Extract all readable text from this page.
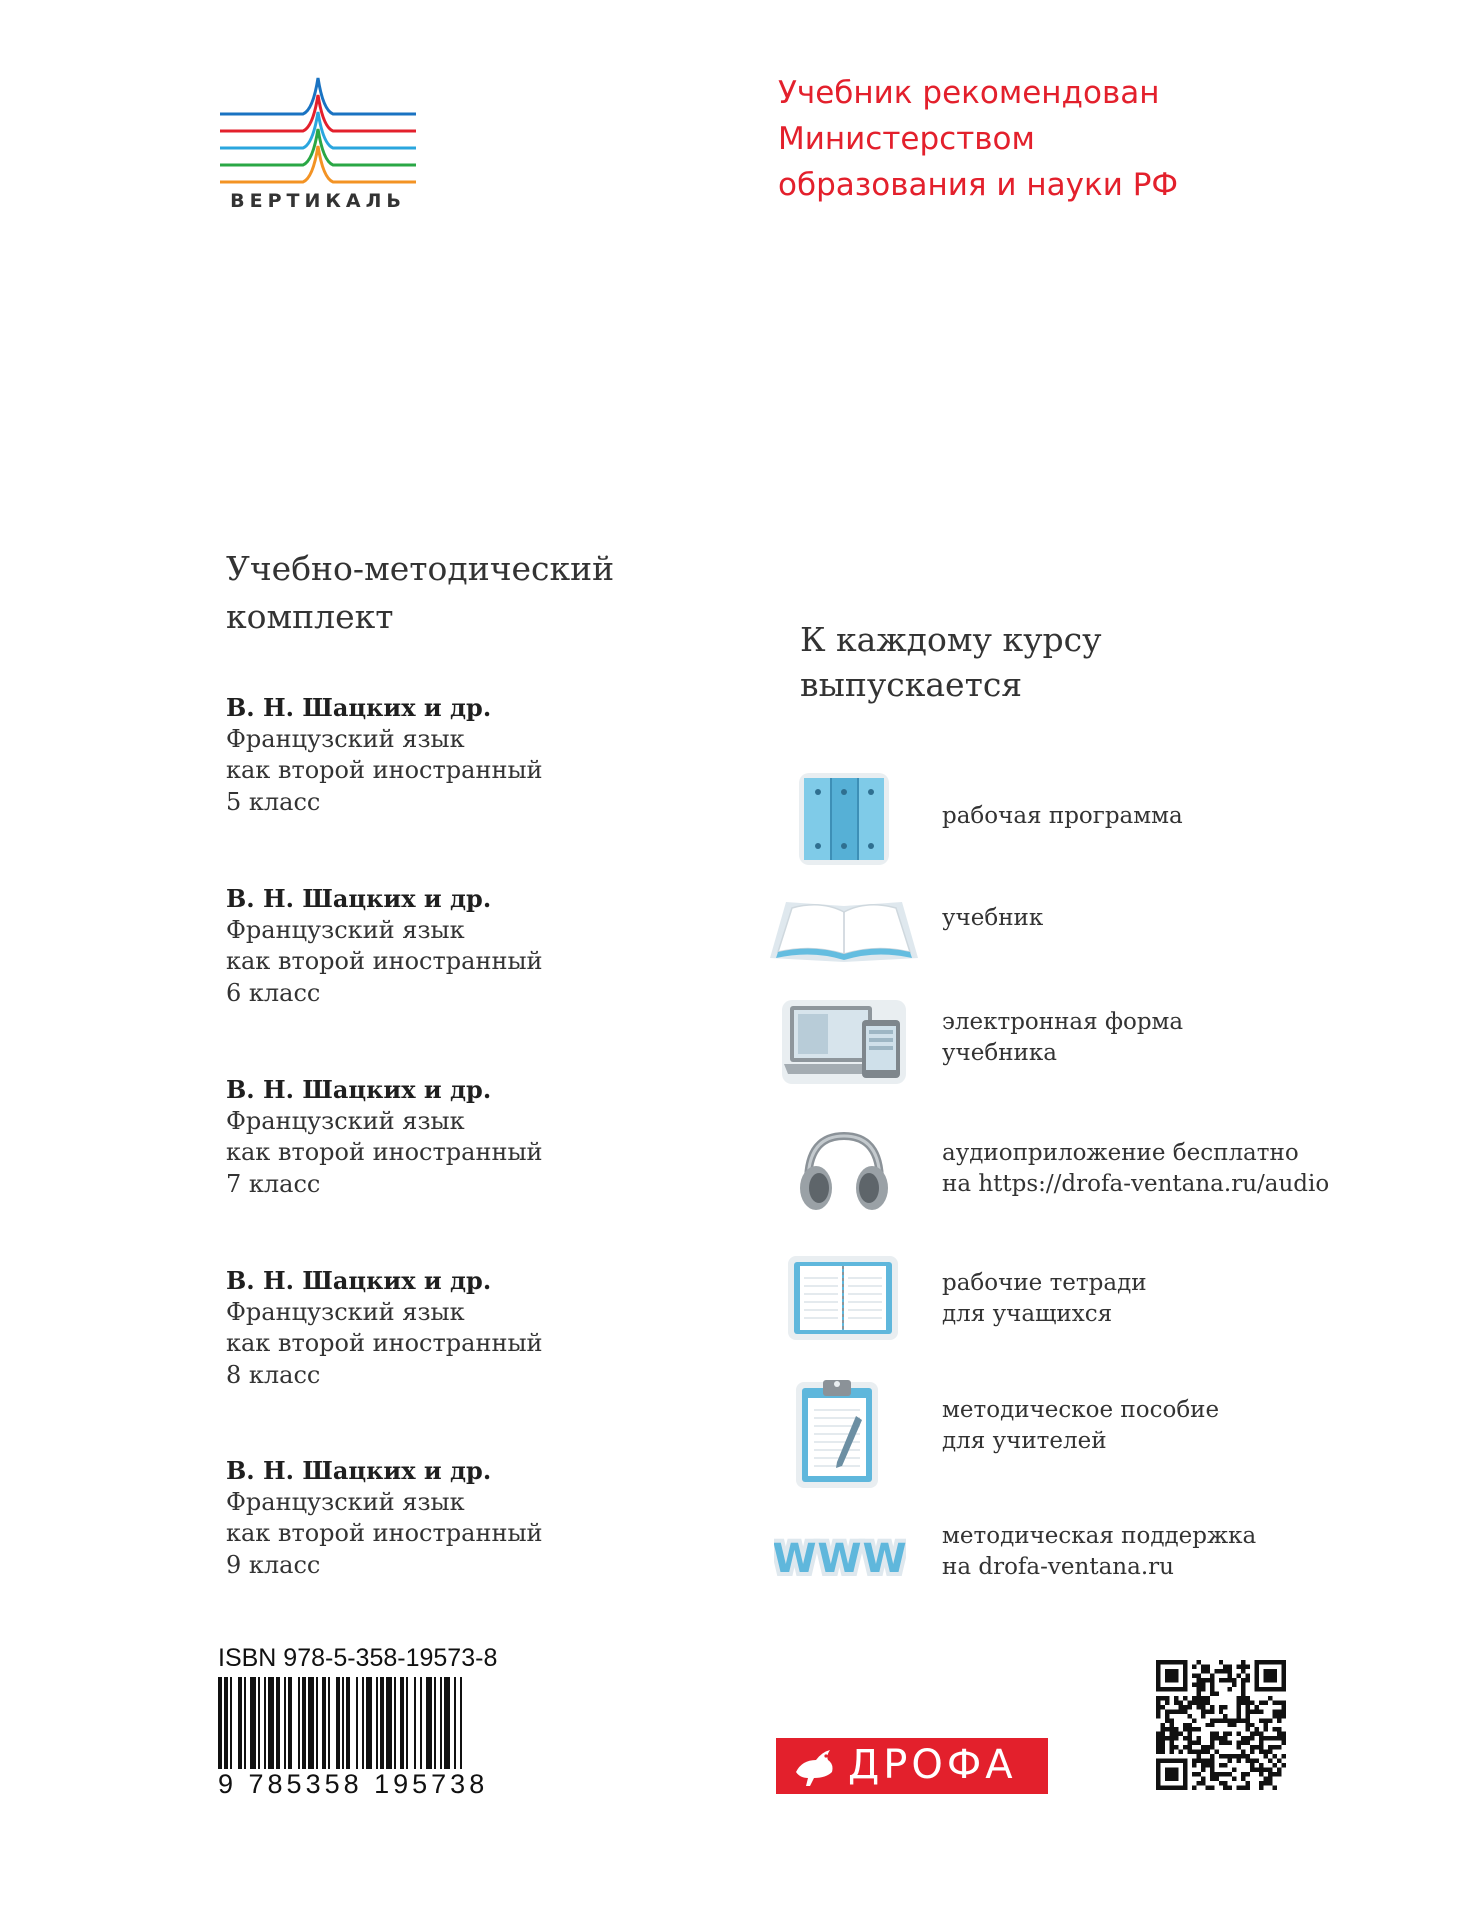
ВЕРТИКАЛЬ
Учебник рекомендован
Министерством
образования и науки РФ
Учебно-методический
комплект
В. Н. Шацких и др.
Французский язык
как второй иностранный
5 класс
В. Н. Шацких и др.
Французский язык
как второй иностранный
6 класс
В. Н. Шацких и др.
Французский язык
как второй иностранный
7 класс
В. Н. Шацких и др.
Французский язык
как второй иностранный
8 класс
В. Н. Шацких и др.
Французский язык
как второй иностранный
9 класс
К каждому курсу
выпускается
рабочая программа
учебник
электронная форма
учебника
аудиоприложение бесплатно
на https://drofa-ventana.ru/audio
рабочие тетради
для учащихся
методическое пособие
для учителей
WWW методическая поддержка
на drofa-ventana.ru
ISBN 978-5-358-19573-8
9 785358 195738	ДРОФА
